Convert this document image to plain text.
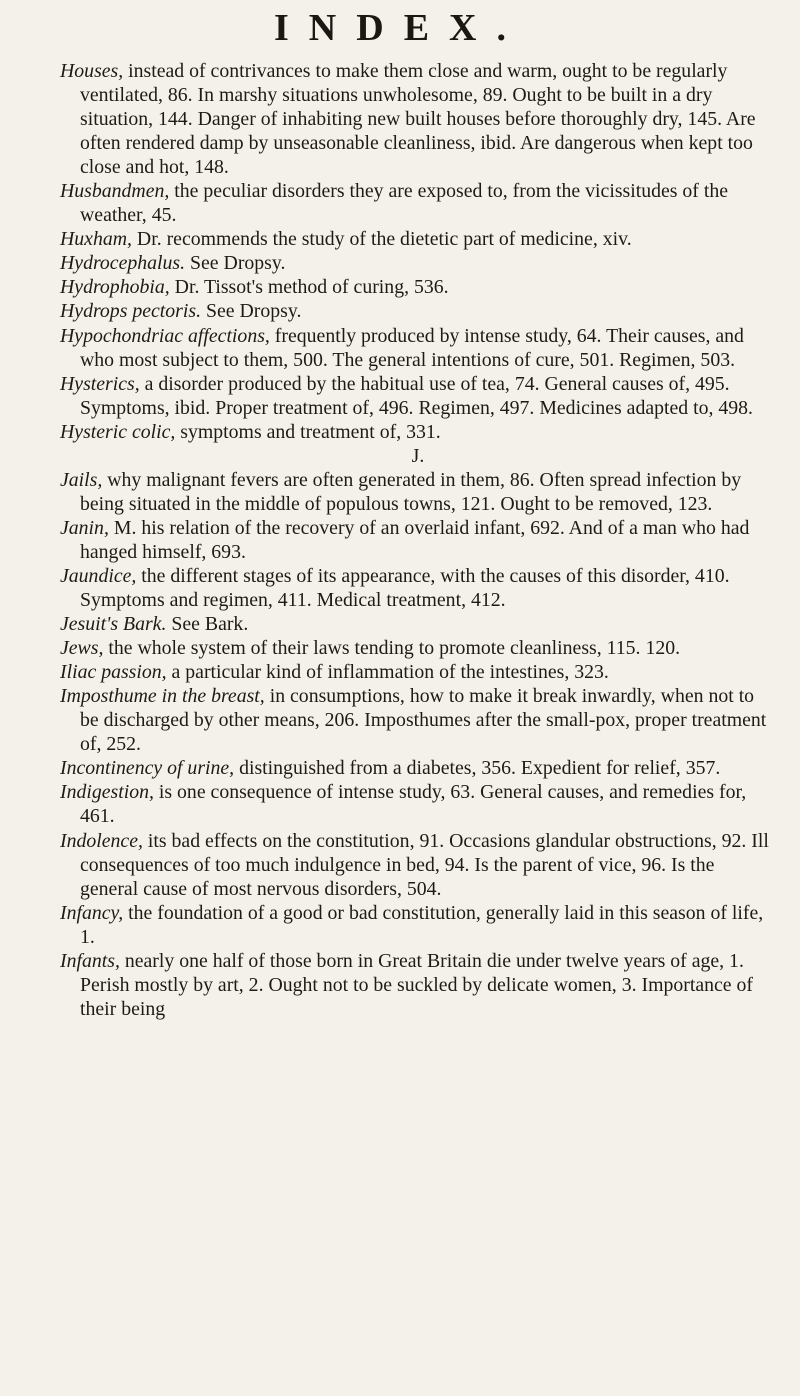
INDEX.

Houses, instead of contrivances to make them close and warm, ought to be regularly ventilated, 86. In marshy situations unwholesome, 89. Ought to be built in a dry situation, 144. Danger of inhabiting new built houses before thoroughly dry, 145. Are often rendered damp by unseasonable cleanliness, ibid. Are dangerous when kept too close and hot, 148.

Husbandmen, the peculiar disorders they are exposed to, from the vicissitudes of the weather, 45.

Huxham, Dr. recommends the study of the dietetic part of medicine, xiv.

Hydrocephalus. See Dropsy.

Hydrophobia, Dr. Tissot's method of curing, 536.

Hydrops pectoris. See Dropsy.

Hypochondriac affections, frequently produced by intense study, 64. Their causes, and who most subject to them, 500. The general intentions of cure, 501. Regimen, 503.

Hysterics, a disorder produced by the habitual use of tea, 74. General causes of, 495. Symptoms, ibid. Proper treatment of, 496. Regimen, 497. Medicines adapted to, 498.

Hysteric colic, symptoms and treatment of, 331.

J.

Jails, why malignant fevers are often generated in them, 86. Often spread infection by being situated in the middle of populous towns, 121. Ought to be removed, 123.

Janin, M. his relation of the recovery of an overlaid infant, 692. And of a man who had hanged himself, 693.

Jaundice, the different stages of its appearance, with the causes of this disorder, 410. Symptoms and regimen, 411. Medical treatment, 412.

Jesuit's Bark. See Bark.

Jews, the whole system of their laws tending to promote cleanliness, 115. 120.

Iliac passion, a particular kind of inflammation of the intestines, 323.

Imposthume in the breast, in consumptions, how to make it break inwardly, when not to be discharged by other means, 206. Imposthumes after the small-pox, proper treatment of, 252.

Incontinency of urine, distinguished from a diabetes, 356. Expedient for relief, 357.

Indigestion, is one consequence of intense study, 63. General causes, and remedies for, 461.

Indolence, its bad effects on the constitution, 91. Occasions glandular obstructions, 92. Ill consequences of too much indulgence in bed, 94. Is the parent of vice, 96. Is the general cause of most nervous disorders, 504.

Infancy, the foundation of a good or bad constitution, generally laid in this season of life, 1.

Infants, nearly one half of those born in Great Britain die under twelve years of age, 1. Perish mostly by art, 2. Ought not to be suckled by delicate women, 3. Importance of their being
